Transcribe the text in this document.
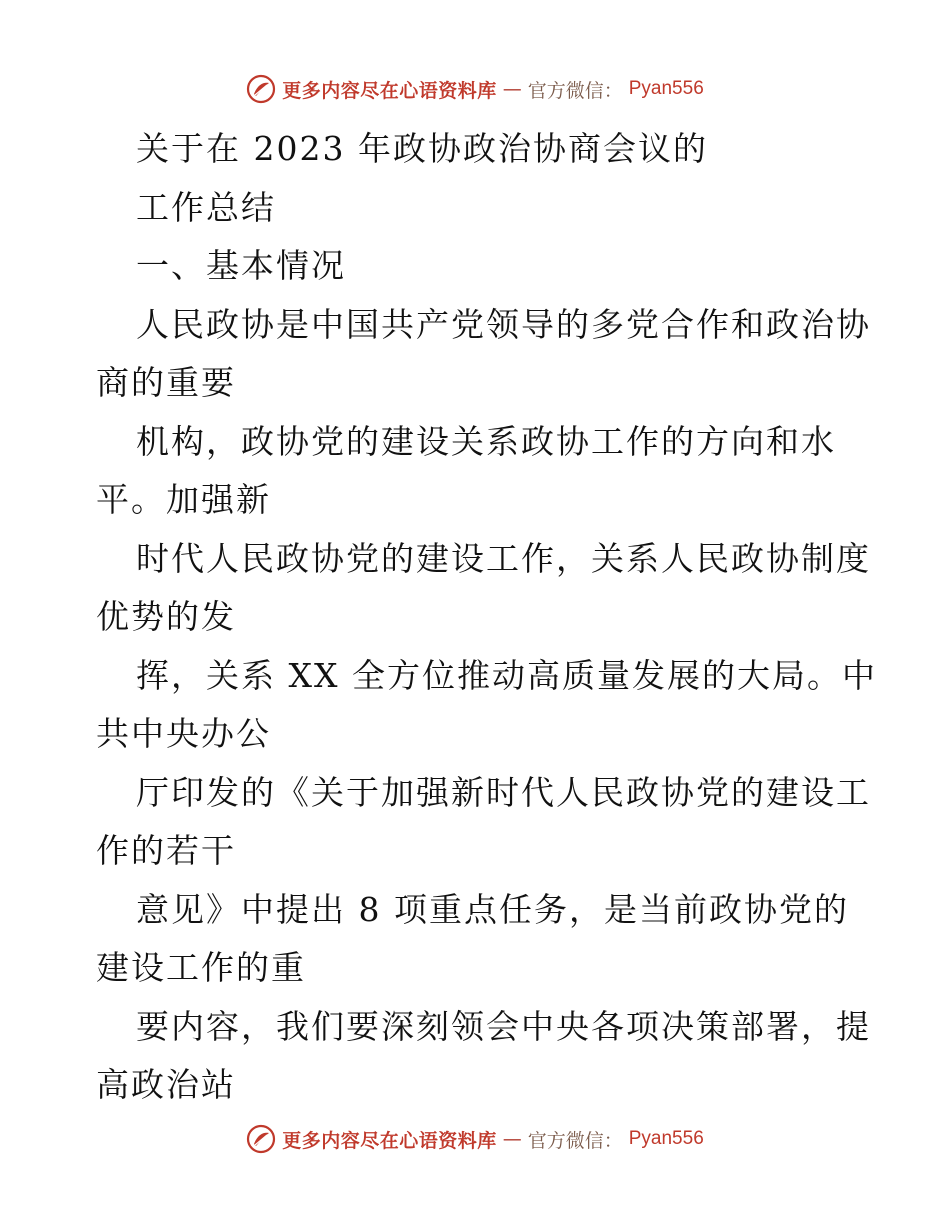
更多内容尽在心语资料库 — 官方微信： Pyan556
关于在 2023 年政协政治协商会议的
工作总结
一、基本情况
人民政协是中国共产党领导的多党合作和政治协
商的重要
机构，政协党的建设关系政协工作的方向和水
平。加强新
时代人民政协党的建设工作，关系人民政协制度
优势的发
挥，关系 XX 全方位推动高质量发展的大局。中
共中央办公
厅印发的《关于加强新时代人民政协党的建设工
作的若干
意见》中提出 8 项重点任务，是当前政协党的
建设工作的重
要内容，我们要深刻领会中央各项决策部署，提
高政治站
更多内容尽在心语资料库 — 官方微信： Pyan556
